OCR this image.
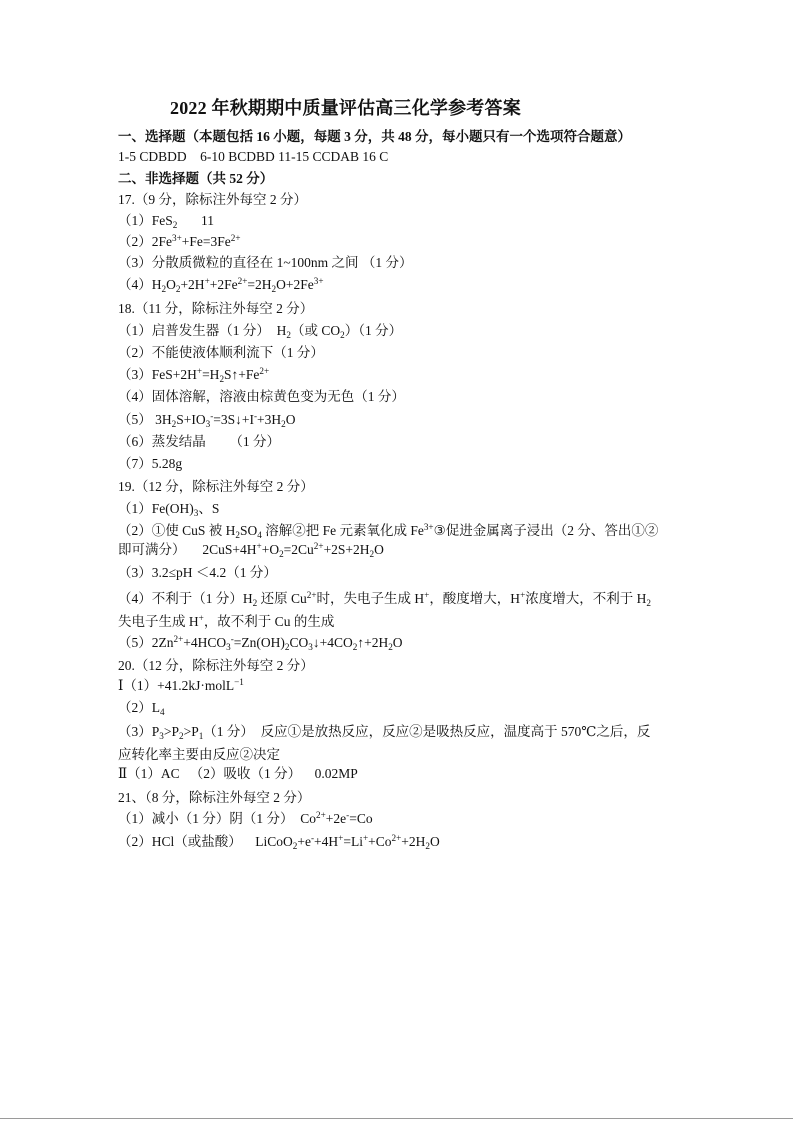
2022 年秋期期中质量评估高三化学参考答案
一、选择题（本题包括 16 小题，每题 3 分，共 48 分，每小题只有一个选项符合题意）
1-5 CDBDD    6-10 BCDBD 11-15 CCDAB 16 C
二、非选择题（共 52 分）
17.（9 分，除标注外每空 2 分）
（1）FeS$_2$       11
$(2)2Fe^{3+}+Fe=3Fe^{2+}$
（3）分散质微粒的直径在 1~100nm 之间 （1 分）
$(4)H_2O_2+2H^++2Fe^{2+}=2H_2O+2Fe^{3+}$
18.（11 分，除标注外每空 2 分）
（1）启普发生器（1 分）  $H_2$（或 $CO_2)(1$ 分）
（2）不能使液体顺利流下（1 分）
$(3)FeS+2H^+=H_2S↑+Fe^{2+}$
（4）固体溶解，溶液由棕黄色变为无色（1 分）
（5） $3H_2S+IO_3^-=3S↓+I^-+3H_2O$
（6）蒸发结晶       （1 分）
（7）5.28g
19.（12 分，除标注外每空 2 分）
$(1)Fe(OH)_3$、S
（2）①使 CuS 被 $H_2SO_4$ 溶解②把 Fe 元素氧化成 $Fe^{3+}③$促进金属离子浸出（2 分、答出①②
即可满分）     $2CuS+4H^++O_2=2Cu^{2+}+2S+2H_2O$
（3）3.2≤pH ＜4.2（1 分）
（4）不利于（1 分）$H_2$ 还原 $Cu^{2+}$时，失电子生成 H+，酸度增大，H+浓度增大，不利于 $H_2$
失电子生成 H+，故不利于 Cu 的生成
$(5)2Zn^{2+}+4HCO_3^-=Zn(OH)_2CO_3↓+4CO_2↑+2H_2O$
20.（12 分，除标注外每空 2 分）
Ⅰ（1）+41.2kJ·molL$^{-1}$
$(2)L_4$
$(3)P_3>P_2>P_1(1$ 分）  反应①是放热反应，反应②是吸热反应，温度高于 570℃之后，反
应转化率主要由反应②决定
Ⅱ（1）AC   （2）吸收（1 分）    0.02MP
21、（8 分，除标注外每空 2 分）
（1）减小（1 分）阴（1 分）  $Co^{2+}+2e^-=Co$
（2）HCl（或盐酸）    $LiCoO_2+e^-+4H^+=Li^++Co^{2+}+2H_2O$
